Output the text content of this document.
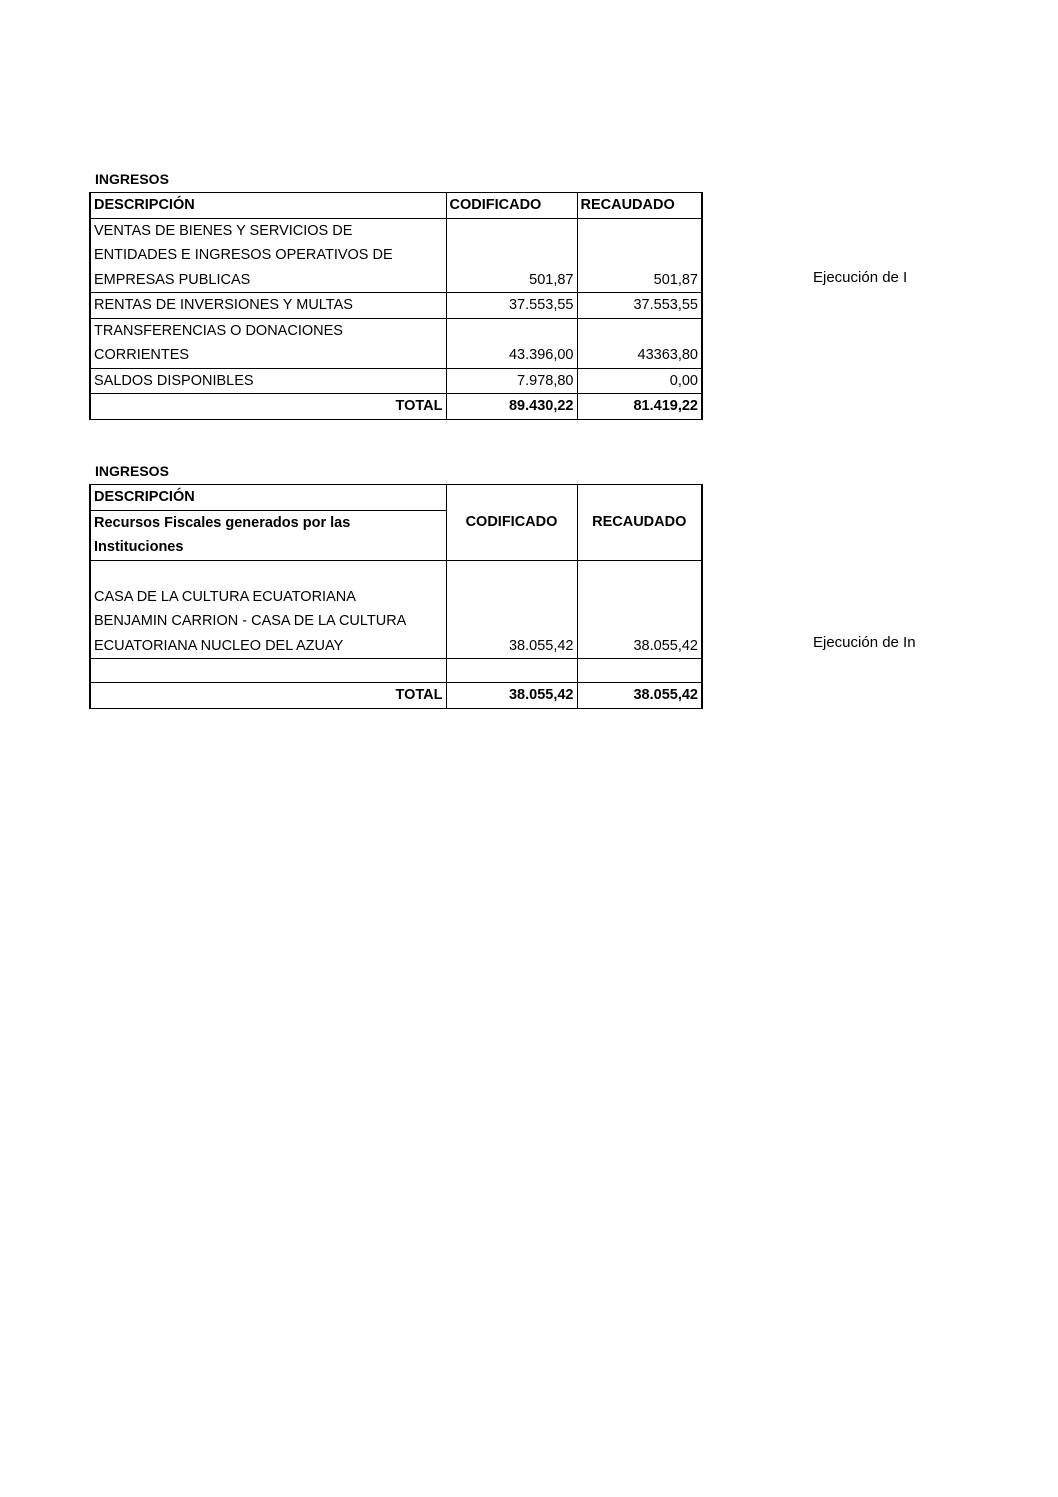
INGRESOS
DESCRIPCIÓN	CODIFICADO	RECAUDADO

VENTAS DE BIENES Y SERVICIOS DE
ENTIDADES E INGRESOS OPERATIVOS DE
EMPRESAS PUBLICAS	501,87	501,87
RENTAS DE INVERSIONES Y MULTAS	37.553,55	37.553,55

TRANSFERENCIAS O DONACIONES
CORRIENTES	43.396,00	43363,80
SALDOS DISPONIBLES	7.978,80	0,00
TOTAL	89.430,22	81.419,22
Ejecución de I
INGRESOS
DESCRIPCIÓN	CODIFICADO	RECAUDADO

Recursos Fiscales generados por las
Instituciones		

CASA DE LA CULTURA ECUATORIANA
BENJAMIN CARRION - CASA DE LA CULTURA
ECUATORIANA NUCLEO DEL AZUAY	38.055,42	38.055,42

TOTAL	38.055,42	38.055,42
Ejecución de In
